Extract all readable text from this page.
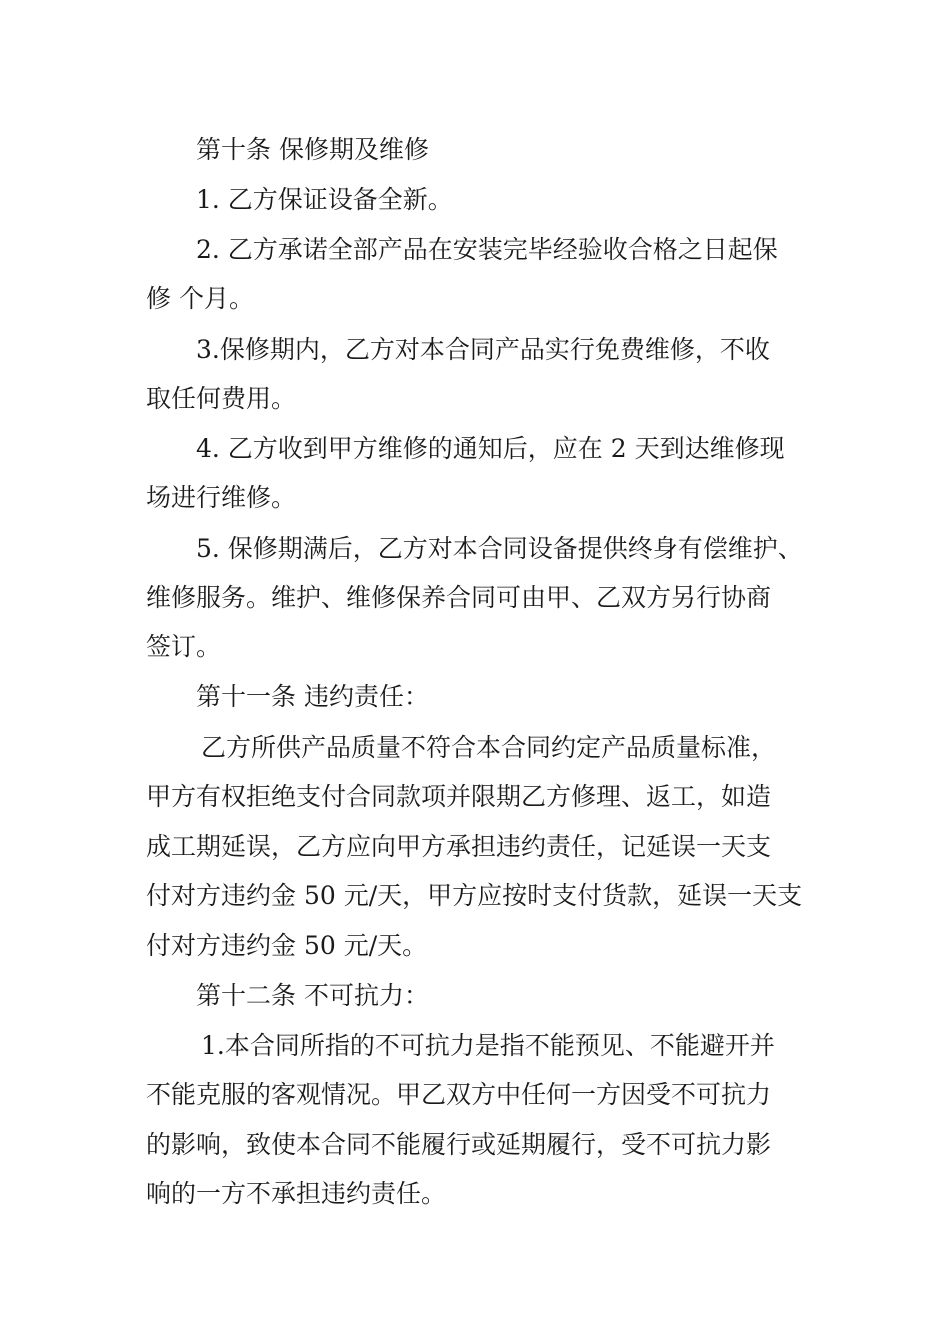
第十条 保修期及维修

1. 乙方保证设备全新。

2. 乙方承诺全部产品在安装完毕经验收合格之日起保

修 个月。

3.保修期内，乙方对本合同产品实行免费维修，不收

取任何费用。

4. 乙方收到甲方维修的通知后，应在 2 天到达维修现

场进行维修。

5. 保修期满后，乙方对本合同设备提供终身有偿维护、

维修服务。维护、维修保养合同可由甲、乙双方另行协商

签订。

第十一条 违约责任：

乙方所供产品质量不符合本合同约定产品质量标准，

甲方有权拒绝支付合同款项并限期乙方修理、返工，如造

成工期延误，乙方应向甲方承担违约责任，记延误一天支

付对方违约金 50 元/天，甲方应按时支付货款，延误一天支

付对方违约金 50 元/天。

第十二条 不可抗力：

1.本合同所指的不可抗力是指不能预见、不能避开并

不能克服的客观情况。甲乙双方中任何一方因受不可抗力

的影响，致使本合同不能履行或延期履行，受不可抗力影

响的一方不承担违约责任。
